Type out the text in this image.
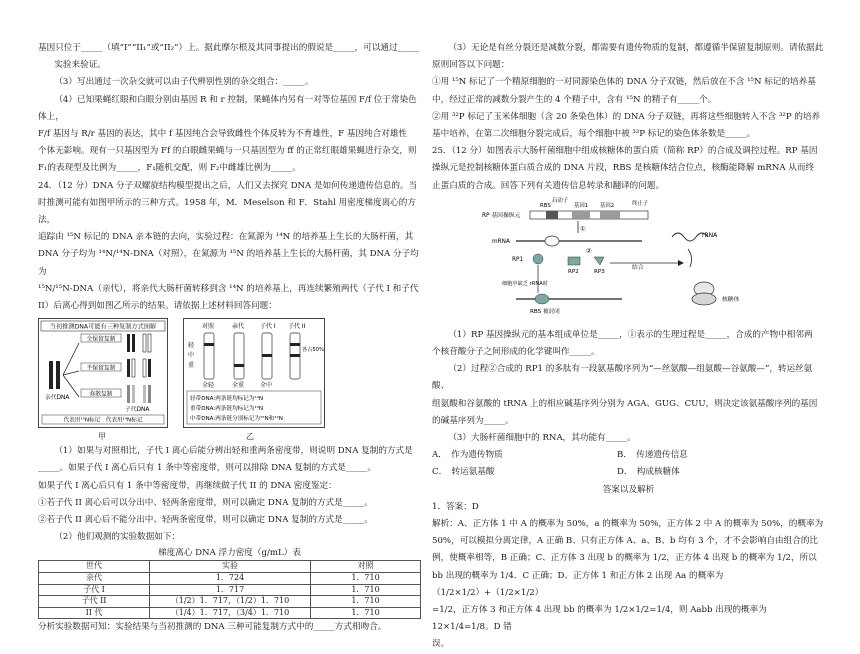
基因只位于_____（填“I”“II₁”或“II₂”）上。据此摩尔根及其同事提出的假说是_____，可以通过_____

实验来验证。

（3）写出通过一次杂交就可以由子代辨别性别的杂交组合：_____。

（4）已知果蝇红眼和白眼分别由基因 R 和 r 控制，果蝇体内另有一对等位基因 F/f 位于常染色体上，

F/f 基因与 R/r 基因的表达，其中 f 基因纯合会导致雌性个体反转为不育雄性，F 基因纯合对雄性

个体无影响。现有一只基因型为 Ff 的白眼雌果蝇与一只基因型为 ff 的正常红眼雄果蝇进行杂交，则

F₁的表现型及比例为_____，F₁随机交配，则 F₂中雌雄比例为_____。

24．（12 分）DNA 分子双螺旋结构模型提出之后，人们又去探究 DNA 是如何传递遗传信息的。当

时推测可能有如图甲所示的三种方式。1958 年，M．Meselson 和 F．Stahl 用密度梯度离心的方法，

追踪由 ¹⁵N 标记的 DNA 亲本链的去向，实验过程：在氮源为 ¹⁴N 的培养基上生长的大肠杆菌，其

DNA 分子均为 ¹⁴N/¹⁴N-DNA（对照），在氮源为 ¹⁵N 的培养基上生长的大肠杆菌，其 DNA 分子均为

¹⁵N/¹⁵N-DNA（亲代），将亲代大肠杆菌转移到含 ¹⁴N 的培养基上，再连续繁殖两代（子代 I 和子代

II）后离心得到如图乙所示的结果。请依据上述材料回答问题：

当初推测DNA可能有三种复制方式图解
亲代DNA
全保留复制
半保留复制
弥散复制
子代DNA
代表用¹⁵N标记　代表用¹⁴N标记
对照	亲代	子代 I 子代 II
轻
中
重
全轻	全重	全中
各占50%
轻带DNA:两条链均标记为¹⁴N
重带DNA:两条链均标记为¹⁵N
中带DNA:两条链分别标记为¹⁵N和¹⁴N
甲	乙

（1）如果与对照相比，子代 I 离心后能分辨出轻和重两条密度带，则说明 DNA 复制的方式是

_____。如果子代 I 离心后只有 1 条中等密度带，则可以排除 DNA 复制的方式是_____。

如果子代 I 离心后只有 1 条中等密度带，再继续做子代 II 的 DNA 密度鉴定：

①若子代 II 离心后可以分出中、轻两条密度带，则可以确定 DNA 复制的方式是_____。

②若子代 II 离心后不能分出中、轻两条密度带，则可以确定 DNA 复制的方式是_____。

（2）他们观测的实验数据如下：

梯度离心 DNA 浮力密度（g/mL）表
世代	实验	对照
亲代	1．724	1．710
子代 I	1．717	1．710
子代 II	（1/2）1．717，（1/2）1．710	1．710
II 代	（1/4）1．717，（3/4）1．710	1．710

分析实验数据可知：实验结果与当初推测的 DNA 三种可能复制方式中的_____方式相吻合。

（3）无论是有丝分裂还是减数分裂，都需要有遗传物质的复制，都遵循半保留复制原则。请依据此

原则回答以下问题：

①用 ¹⁵N 标记了一个精原细胞的一对同源染色体的 DNA 分子双链，然后放在不含 ¹⁵N 标记的培养基

中，经过正常的减数分裂产生的 4 个精子中，含有 ¹⁵N 的精子有_____个。

②用 ³²P 标记了玉米体细胞（含 20 条染色体）的 DNA 分子双链，再将这些细胞转入不含 ³²P 的培养

基中培养，在第二次细胞分裂完成后，每个细胞中被 ³²P 标记的染色体条数是_____。

25．（12 分）如图表示大肠杆菌细胞中组成核糖体的蛋白质（简称 RP）的合成及调控过程。RP 基因

操纵元是控制核糖体蛋白质合成的 DNA 片段，RBS 是核糖体结合位点，核酶能降解 mRNA 从而终

止蛋白质的合成。回答下列有关遗传信息转录和翻译的问题。

RP 基因操纵元
RBS
启动子
基因1 基因2	终止子
①
mRNA
②
RP1
RP2	RP3
结合
rRNA
核糖体
细胞中缺乏 rRNA时
RBS 被封闭

（1）RP 基因操纵元的基本组成单位是_____，①表示的生理过程是_____，合成的产物中相邻两

个核苷酸分子之间形成的化学键叫作_____。

（2）过程②合成的 RP1 的多肽有一段氨基酸序列为“—丝氨酸—组氨酸—谷氨酸—”，转运丝氨酸、

组氨酸和谷氨酸的 tRNA 上的相应碱基序列分别为 AGA、GUG、CUU，则决定该氨基酸序列的基因

的碱基序列为_____。

（3）大肠杆菌细胞中的 RNA，其功能有_____。

A．　作为遗传物质	B．　传递遗传信息
C．　转运氨基酸	D．　构成核糖体

答案以及解析

1．答案：D

解析：A、正方体 1 中 A 的概率为 50%，a 的概率为 50%，正方体 2 中 A 的概率为 50%，的概率为

50%，可以模拟分离定律，A 正确 B、只有正方体 A、a、B、b 均有 3 个，才不会影响自由组合的比

例，使概率相等，B 正确；C、正方体 3 出现 b 的概率为 1/2，正方体 4 出现 b 的概率为 1/2，所以

bb 出现的概率为 1/4．C 正确；D、正方体 1 和正方体 2 出现 Aa 的概率为（1/2×1/2）+（1/2×1/2）

=1/2，正方体 3 和正方体 4 出现 bb 的概率为 1/2×1/2=1/4，则 Aabb 出现的概率为 12×1/4=1/8。D 错

误。
